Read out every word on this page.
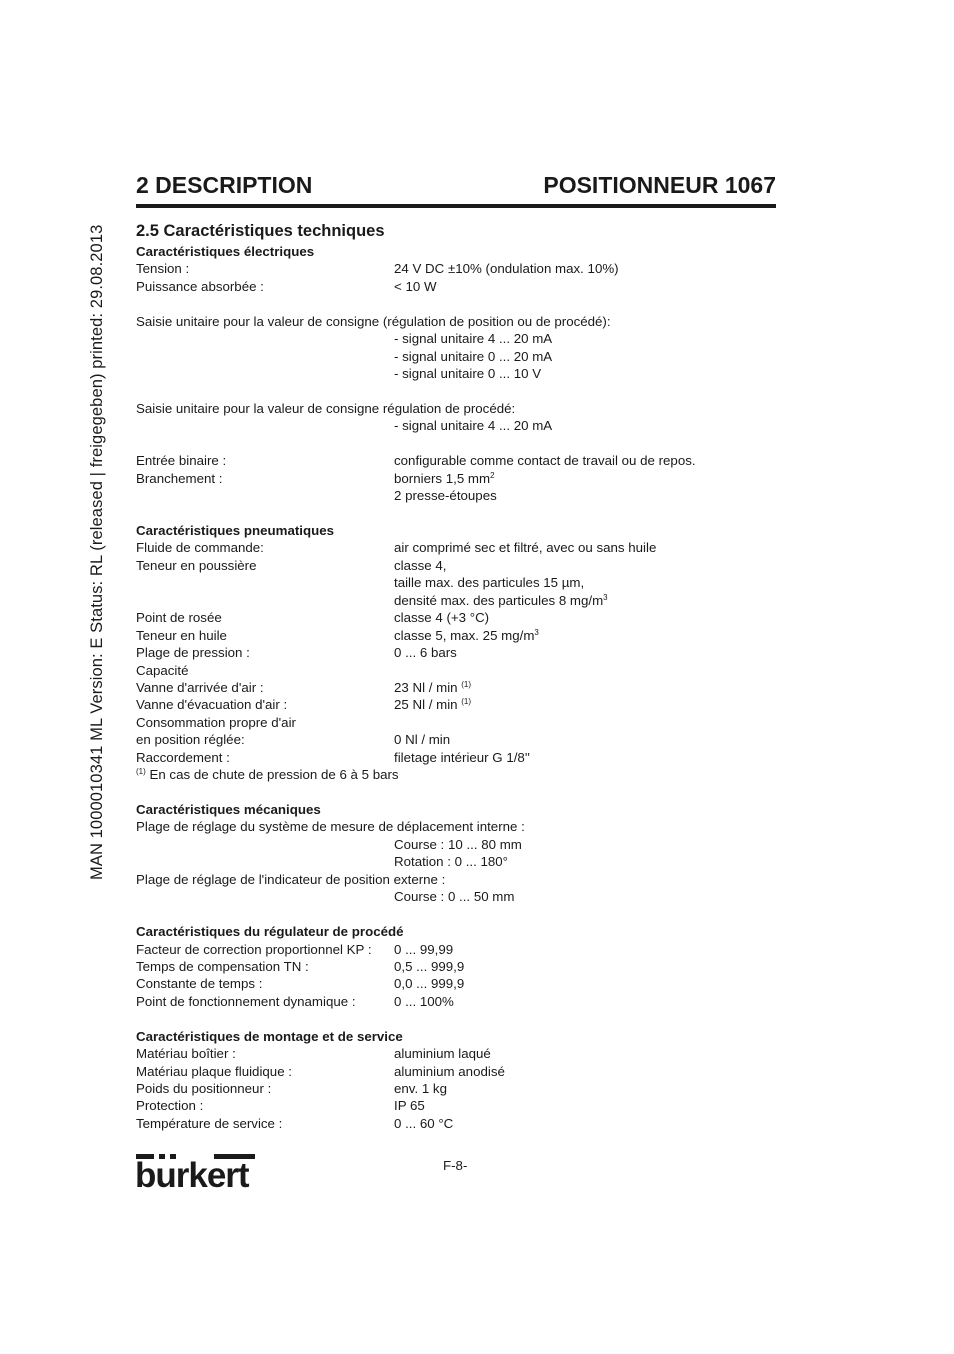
MAN 1000010341 ML Version: E Status: RL (released | freigegeben) printed: 29.08.2013
2 DESCRIPTION	POSITIONNEUR 1067
2.5 Caractéristiques techniques
Caractéristiques électriques
Tension :	24 V DC ±10% (ondulation max. 10%)
Puissance absorbée :	< 10 W
Saisie unitaire pour la valeur de consigne (régulation de position ou de procédé):
- signal unitaire 4 ... 20 mA
- signal unitaire 0 ... 20 mA
- signal unitaire 0 ... 10 V
Saisie unitaire pour la valeur de consigne régulation de procédé:
- signal unitaire 4 ... 20 mA
Entrée binaire :	configurable comme contact de travail ou de repos.
Branchement :	borniers 1,5 $mm^2$
2 presse-étoupes
Caractéristiques pneumatiques
Fluide de commande:	air comprimé sec et filtré, avec ou sans huile
Teneur en poussière	classe 4,
taille max. des particules 15 µm,
densité max. des particules 8 $mg/m^3$
Point de rosée	classe 4 (+3 °C)
Teneur en huile	classe 5, max. 25 $mg/m^3$
Plage de pression :	0 ... 6 bars
Capacité
Vanne d'arrivée d'air :	23 Nl / min $^{(1)}$
Vanne d'évacuation d'air :	25 Nl / min $^{(1)}$
Consommation propre d'air
en position réglée:	0 Nl / min
Raccordement :	filetage intérieur G 1/8''
$^{(1)}$ En cas de chute de pression de 6 à 5 bars
Caractéristiques mécaniques
Plage de réglage du système de mesure de déplacement interne :
Course : 10 ... 80 mm
Rotation : 0 ... 180°
Plage de réglage de l'indicateur de position externe :
Course : 0 ... 50 mm
Caractéristiques du régulateur de procédé
Facteur de correction proportionnel KP : 0 ... 99,99
Temps de compensation TN :	0,5 ... 999,9
Constante de temps :	0,0 ... 999,9
Point de fonctionnement dynamique :	0 ... 100%
Caractéristiques de montage et de service
Matériau boîtier :	aluminium laqué
Matériau plaque fluidique :	aluminium anodisé
Poids du positionneur :	env. 1 kg
Protection :	IP 65
Température de service :	0 ... 60 °C
F-8-
burkert
